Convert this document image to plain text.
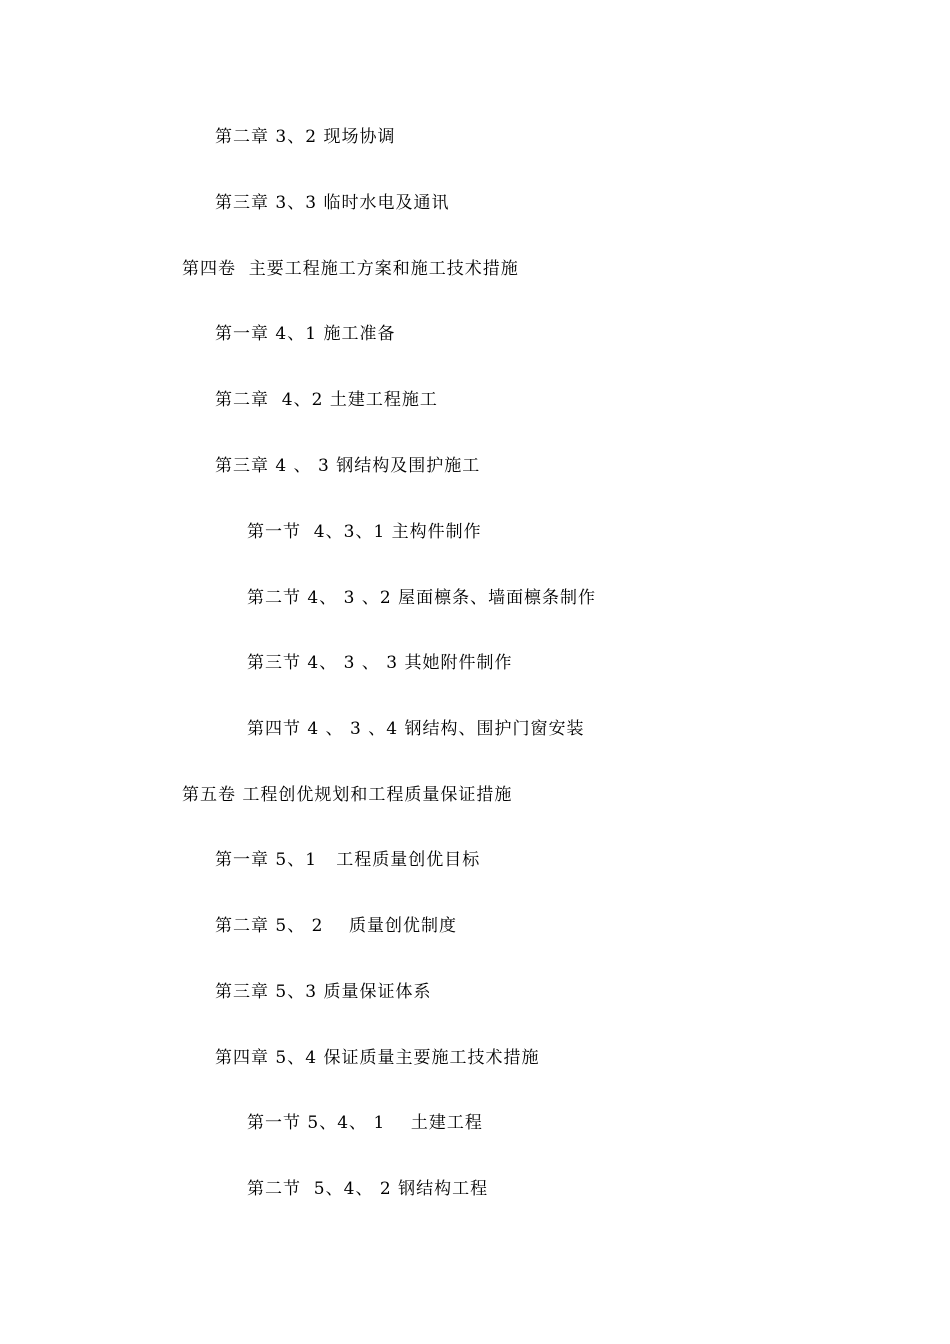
第二章 3、2 现场协调
第三章 3、3 临时水电及通讯
第四卷  主要工程施工方案和施工技术措施
第一章 4、1 施工准备
第二章  4、2 土建工程施工
第三章 4 、 3 钢结构及围护施工
第一节  4、3、1 主构件制作
第二节 4、 3 、2 屋面檩条、墙面檩条制作
第三节 4、 3 、 3 其她附件制作
第四节 4 、 3 、4 钢结构、围护门窗安装
第五卷 工程创优规划和工程质量保证措施
第一章 5、1   工程质量创优目标
第二章 5、 2    质量创优制度
第三章 5、3 质量保证体系
第四章 5、4 保证质量主要施工技术措施
第一节 5、4、 1    土建工程
第二节  5、4、 2 钢结构工程
